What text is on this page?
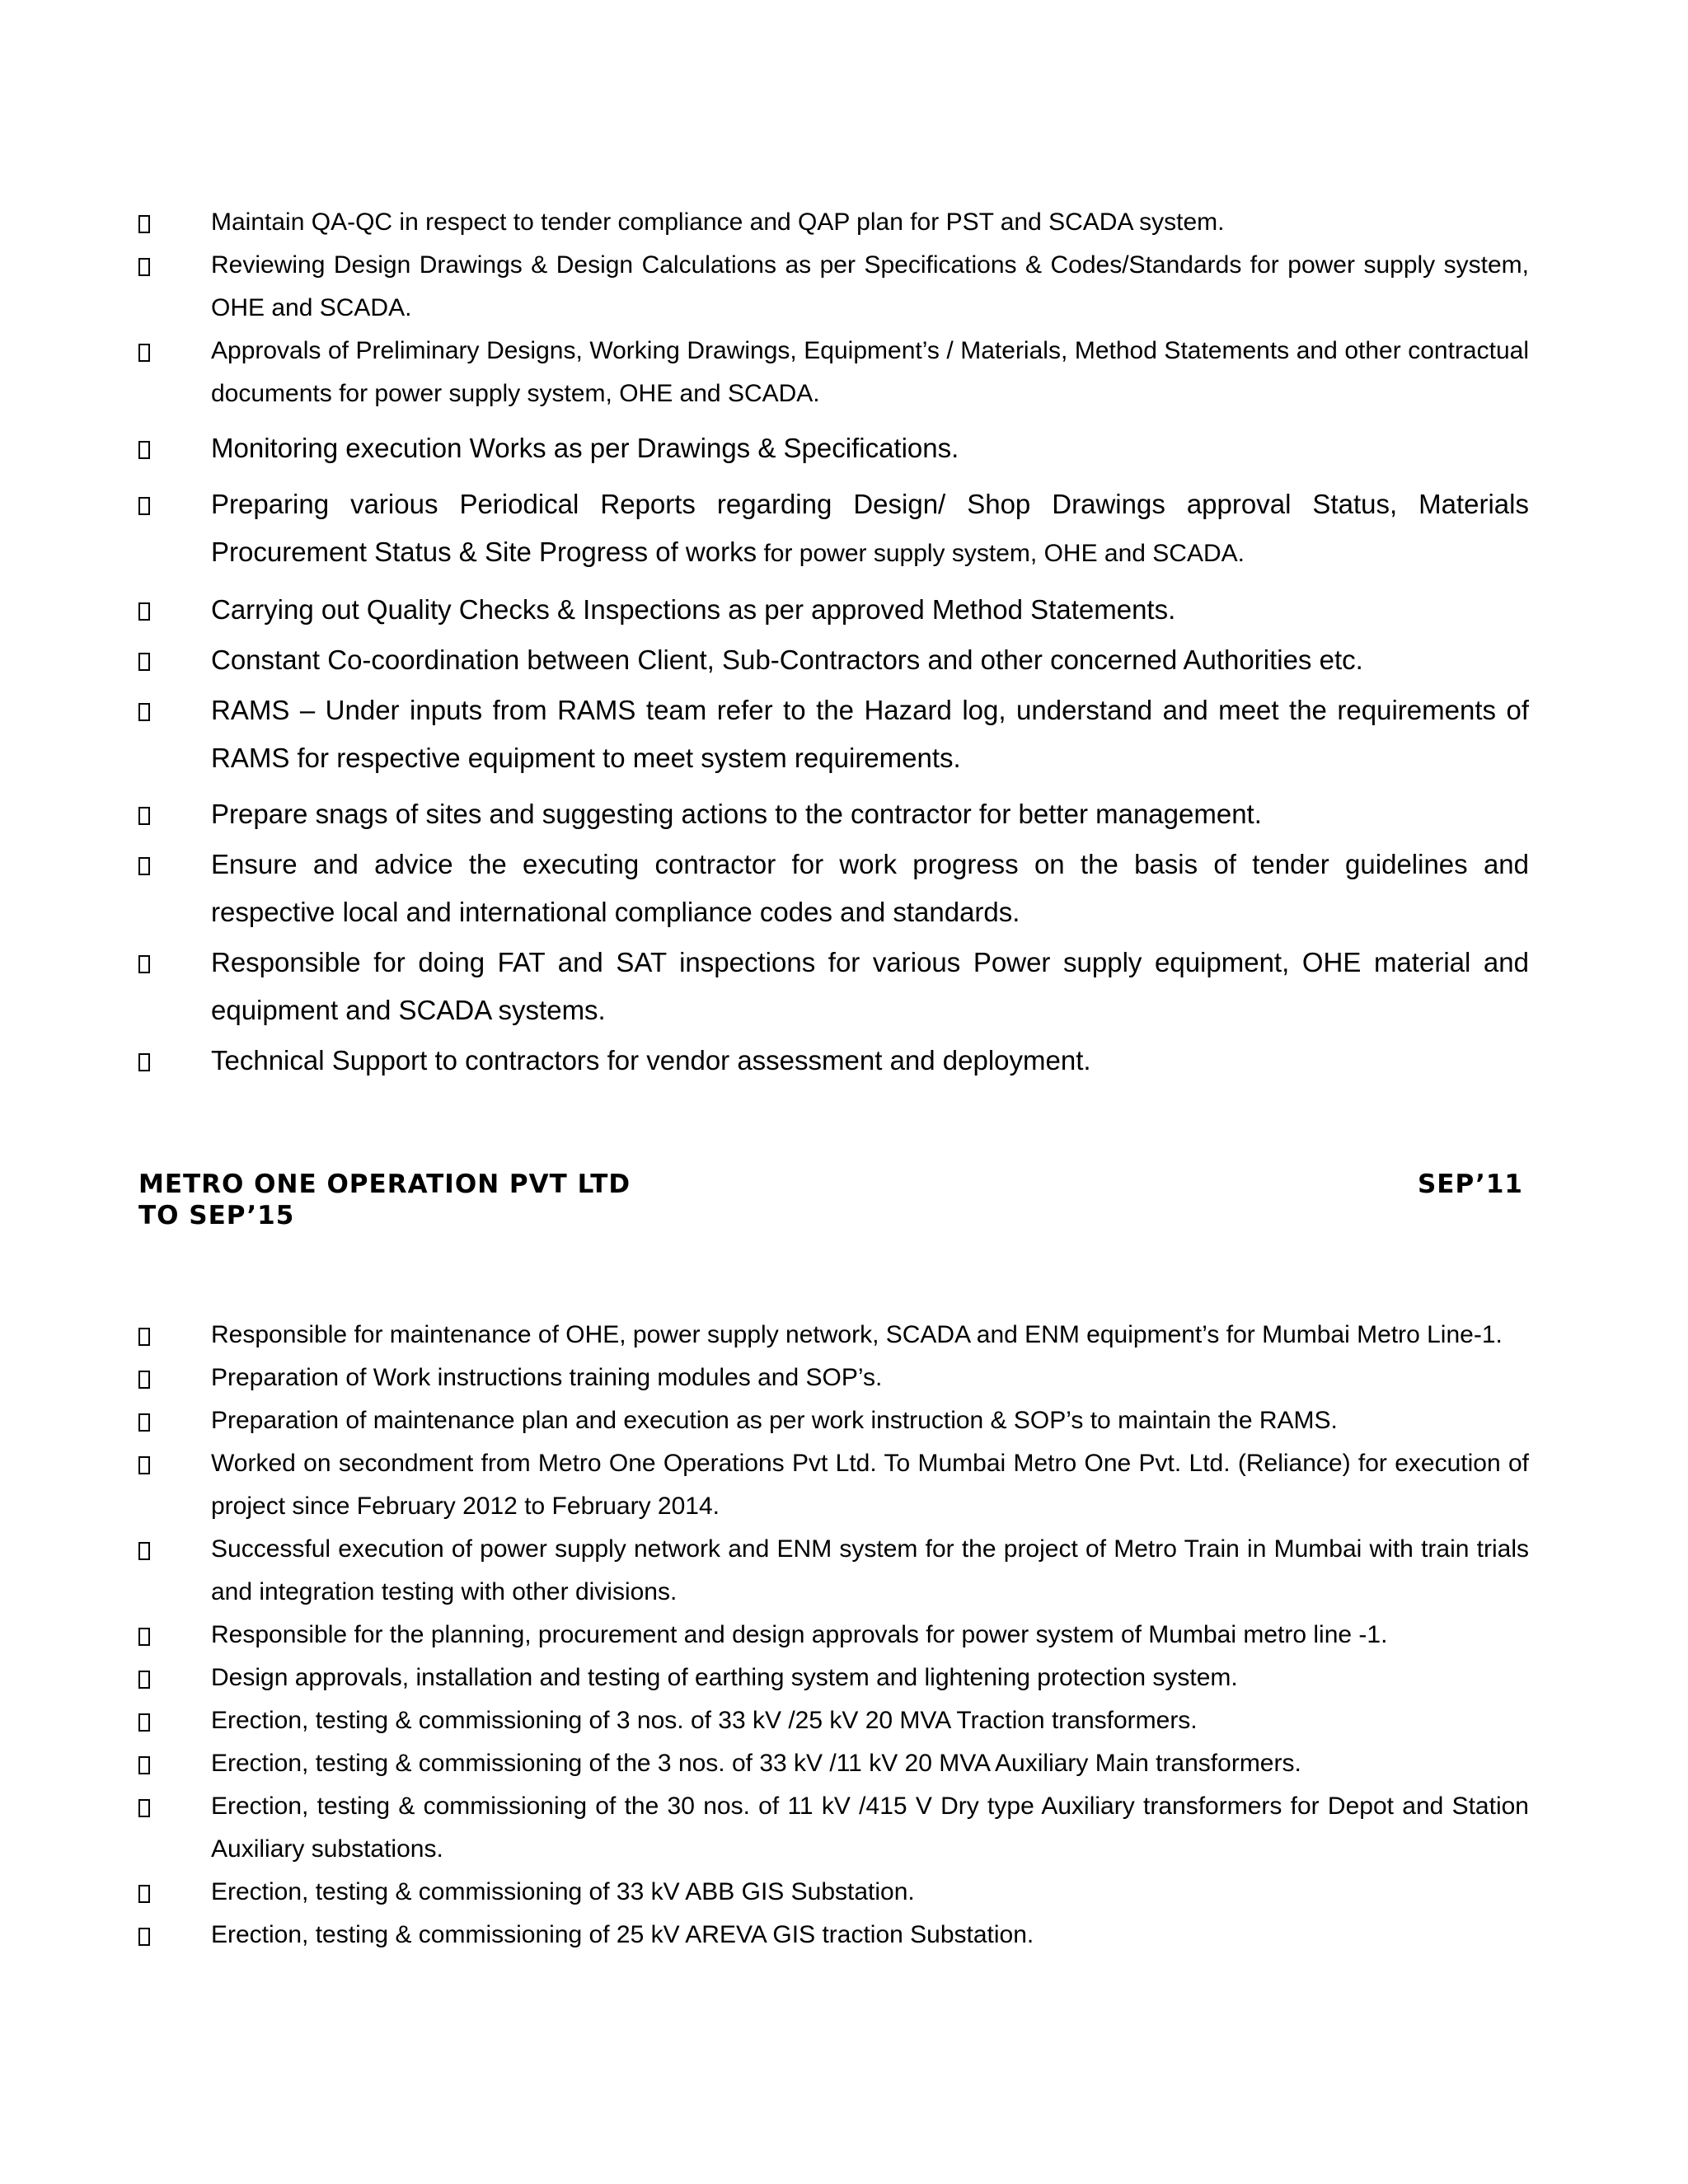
Maintain QA-QC in respect to tender compliance and QAP plan for PST and SCADA system.
Reviewing Design Drawings & Design Calculations as per Specifications & Codes/Standards for power supply system, OHE and SCADA.
Approvals of Preliminary Designs, Working Drawings, Equipment’s / Materials, Method Statements and other contractual documents for power supply system, OHE and SCADA.
Monitoring execution Works as per Drawings & Specifications.
Preparing various Periodical Reports regarding Design/ Shop Drawings approval Status, Materials Procurement Status & Site Progress of works for power supply system, OHE and SCADA.
Carrying out Quality Checks & Inspections as per approved Method Statements.
Constant Co-coordination between Client, Sub-Contractors and other concerned Authorities etc.
RAMS – Under inputs from RAMS team refer to the Hazard log, understand and meet the requirements of RAMS for respective equipment to meet system requirements.
Prepare snags of sites and suggesting actions to the contractor for better management.
Ensure and advice the executing contractor for work progress on the basis of tender guidelines and respective local and international compliance codes and standards.
Responsible for doing FAT and SAT inspections for various Power supply equipment, OHE material and equipment and SCADA systems.
Technical Support to contractors for vendor assessment and deployment.
METRO ONE OPERATION PVT LTD	SEP’11
TO SEP’15
Responsible for maintenance of OHE, power supply network, SCADA and ENM equipment’s for Mumbai Metro Line-1.
Preparation of Work instructions training modules and SOP’s.
Preparation of maintenance plan and execution as per work instruction & SOP’s to maintain the RAMS.
Worked on secondment from Metro One Operations Pvt Ltd. To Mumbai Metro One Pvt. Ltd. (Reliance) for execution of project since February 2012 to February 2014.
Successful execution of power supply network and ENM system for the project of Metro Train in Mumbai with train trials and integration testing with other divisions.
Responsible for the planning, procurement and design approvals for power system of Mumbai metro line -1.
Design approvals, installation and testing of earthing system and lightening protection system.
Erection, testing & commissioning of 3 nos. of 33 kV /25 kV 20 MVA Traction transformers.
Erection, testing & commissioning of the 3 nos. of 33 kV /11 kV 20 MVA Auxiliary Main transformers.
Erection, testing & commissioning of the 30 nos. of 11 kV /415 V Dry type Auxiliary transformers for Depot and Station Auxiliary substations.
Erection, testing & commissioning of 33 kV ABB GIS Substation.
Erection, testing & commissioning of 25 kV AREVA GIS traction Substation.
